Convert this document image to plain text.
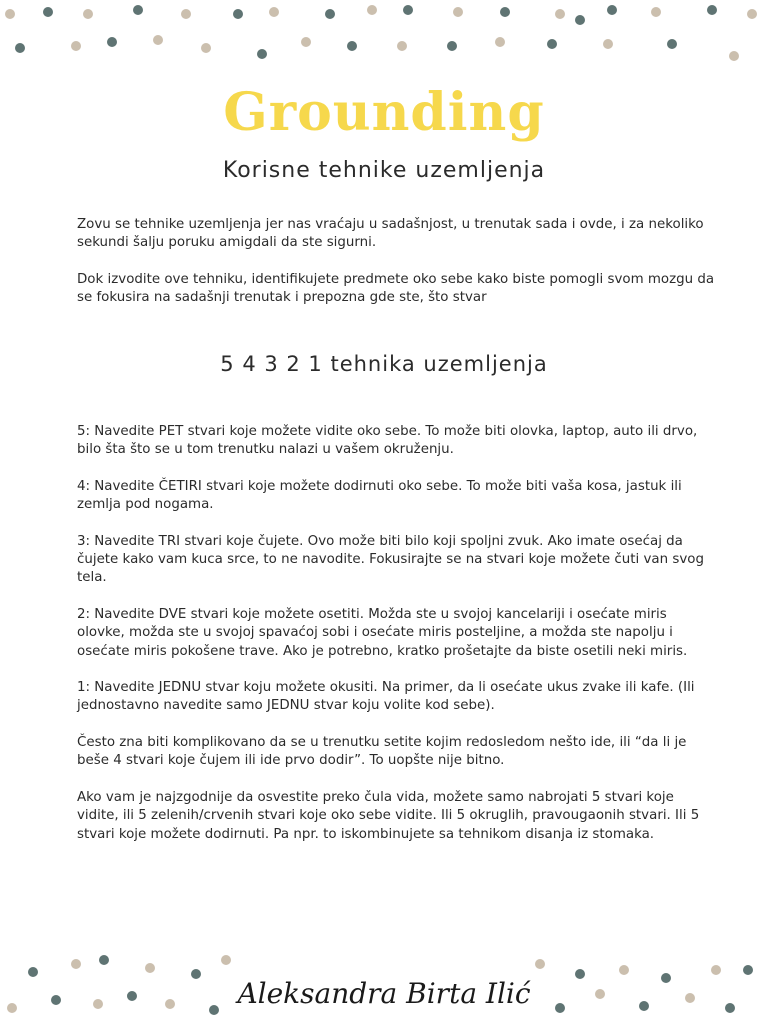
Grounding
Korisne tehnike uzemljenja

Zovu se tehnike uzemljenja jer nas vraćaju u sadašnjost, u trenutak sada i ovde, i za nekoliko sekundi šalju poruku amigdali da ste sigurni.

Dok izvodite ove tehniku, identifikujete predmete oko sebe kako biste pomogli svom mozgu da se fokusira na sadašnji trenutak i prepozna gde ste, što stvar

5 4 3 2 1 tehnika uzemljenja

5: Navedite PET stvari koje možete vidite oko sebe. To može biti olovka, laptop, auto ili drvo, bilo šta što se u tom trenutku nalazi u vašem okruženju.

4: Navedite ČETIRI stvari koje možete dodirnuti oko sebe. To može biti vaša kosa, jastuk ili zemlja pod nogama.

3: Navedite TRI stvari koje čujete. Ovo može biti bilo koji spoljni zvuk. Ako imate osećaj da čujete kako vam kuca srce, to ne navodite. Fokusirajte se na stvari koje možete čuti van svog tela.

2: Navedite DVE stvari koje možete osetiti. Možda ste u svojoj kancelariji i osećate miris olovke, možda ste u svojoj spavaćoj sobi i osećate miris posteljine, a možda ste napolju i osećate miris pokošene trave. Ako je potrebno, kratko prošetajte da biste osetili neki miris.

1: Navedite JEDNU stvar koju možete okusiti. Na primer, da li osećate ukus zvake ili kafe. (Ili jednostavno navedite samo JEDNU stvar koju volite kod sebe).

Često zna biti komplikovano da se u trenutku setite kojim redosledom nešto ide, ili “da li je beše 4 stvari koje čujem ili ide prvo dodir”. To uopšte nije bitno.

Ako vam je najzgodnije da osvestite preko čula vida, možete samo nabrojati 5 stvari koje vidite, ili 5 zelenih/crvenih stvari koje oko sebe vidite. Ili 5 okruglih, pravougaonih stvari. Ili 5 stvari koje možete dodirnuti. Pa npr. to iskombinujete sa tehnikom disanja iz stomaka.

Aleksandra Birta Ilić
